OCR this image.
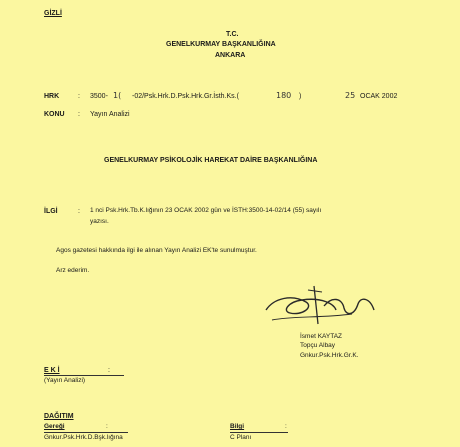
GİZLİ
T.C.
GENELKURMAY BAŞKANLIĞINA
ANKARA
HRK	: 3500- 1( -02/Psk.Hrk.D.Psk.Hrk.Gr.İsth.Ks.(	180 )	25 OCAK 2002
KONU : Yayın Analizi
GENELKURMAY PSİKOLOJİK HAREKAT DAİRE BAŞKANLIĞINA
İLGİ	: 1 nci Psk.Hrk.Tb.K.lığının 23 OCAK 2002 gün ve İSTH:3500-14-02/14 (55) sayılı
yazısı.
Agos gazetesi hakkında ilgi ile alınan Yayın Analizi EK'te sunulmuştur.
Arz ederim.
İsmet KAYTAZ
Topçu Albay
Gnkur.Psk.Hrk.Gr.K.
E K İ	:
(Yayın Analizi)
DAĞITIM
Gereği	:
Gnkur.Psk.Hrk.D.Bşk.lığına
Bilgi	:
C Planı
